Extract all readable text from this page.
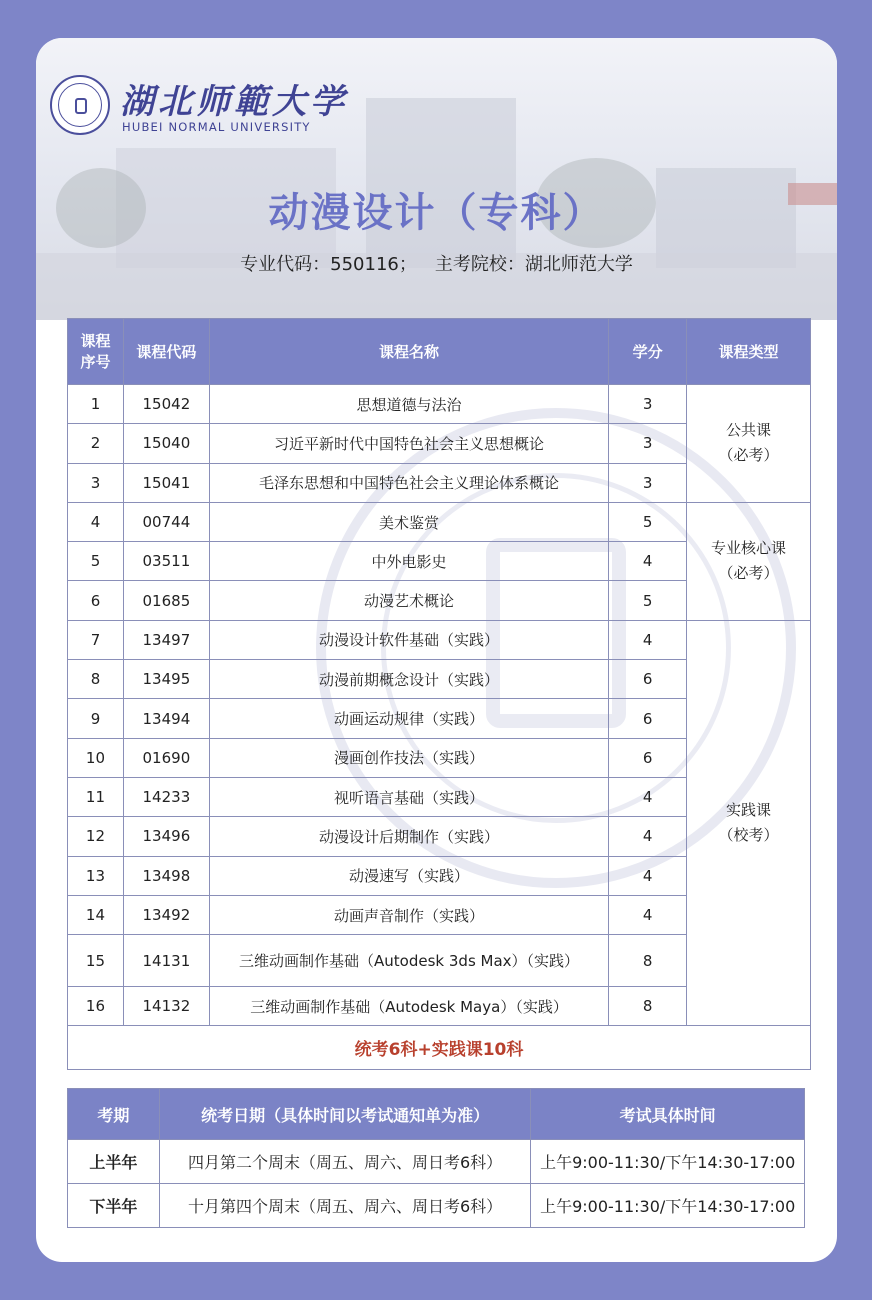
湖北师範大学
HUBEI NORMAL UNIVERSITY
动漫设计（专科）
专业代码：550116； 主考院校：湖北师范大学
课程
序号	课程代码	课程名称	学分	课程类型
1	15042	思想道德与法治	3	公共课
（必考）
2	15040	习近平新时代中国特色社会主义思想概论	3	
3	15041	毛泽东思想和中国特色社会主义理论体系概论	3	
4	00744	美术鉴赏	5	专业核心课
（必考）
5	03511	中外电影史	4	
6	01685	动漫艺术概论	5	
7	13497	动漫设计软件基础（实践）	4	实践课
（校考）
8	13495	动漫前期概念设计（实践）	6	
9	13494	动画运动规律（实践）	6	
10	01690	漫画创作技法（实践）	6	
11	14233	视听语言基础（实践）	4	
12	13496	动漫设计后期制作（实践）	4	
13	13498	动漫速写（实践）	4	
14	13492	动画声音制作（实践）	4	
15	14131	三维动画制作基础（Autodesk 3ds Max）（实践）	8	
16	14132	三维动画制作基础（Autodesk Maya）（实践）	8	
统考6科+实践课10科				
考期	统考日期（具体时间以考试通知单为准）	考试具体时间
上半年	四月第二个周末（周五、周六、周日考6科）	上午9:00-11:30/下午14:30-17:00
下半年	十月第四个周末（周五、周六、周日考6科）	上午9:00-11:30/下午14:30-17:00
